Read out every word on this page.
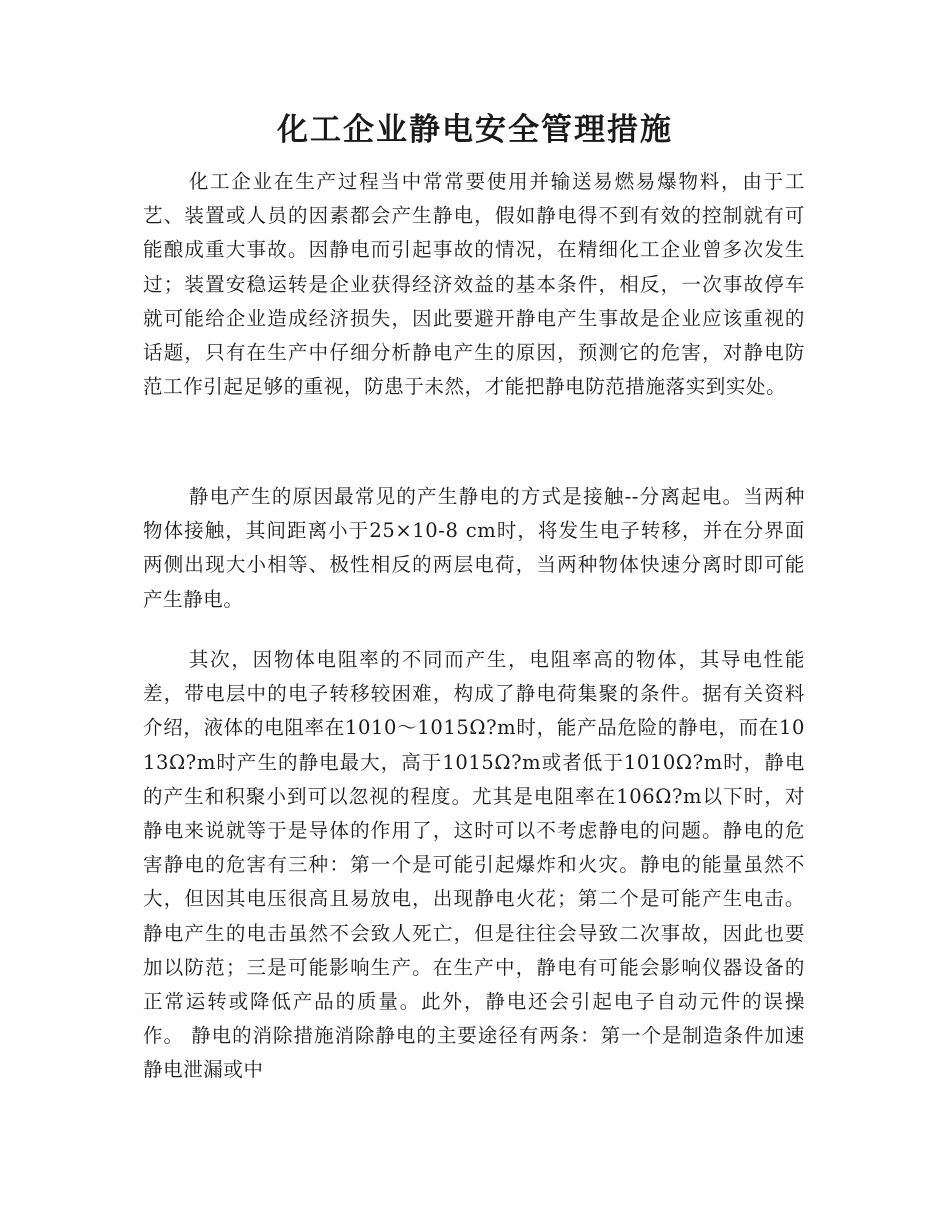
化工企业静电安全管理措施

化工企业在生产过程当中常常要使用并输送易燃易爆物料，由于工艺、装置或人员的因素都会产生静电，假如静电得不到有效的控制就有可能酿成重大事故。因静电而引起事故的情况，在精细化工企业曾多次发生过；装置安稳运转是企业获得经济效益的基本条件，相反，一次事故停车就可能给企业造成经济损失，因此要避开静电产生事故是企业应该重视的话题，只有在生产中仔细分析静电产生的原因，预测它的危害，对静电防范工作引起足够的重视，防患于未然，才能把静电防范措施落实到实处。

静电产生的原因最常见的产生静电的方式是接触--分离起电。当两种物体接触，其间距离小于25×10-8 cm时，将发生电子转移，并在分界面两侧出现大小相等、极性相反的两层电荷，当两种物体快速分离时即可能产生静电。

其次，因物体电阻率的不同而产生，电阻率高的物体，其导电性能差，带电层中的电子转移较困难，构成了静电荷集聚的条件。据有关资料介绍，液体的电阻率在1010～1015Ω?m时，能产品危险的静电，而在1013Ω?m时产生的静电最大，高于1015Ω?m或者低于1010Ω?m时，静电的产生和积聚小到可以忽视的程度。尤其是电阻率在106Ω?m以下时，对静电来说就等于是导体的作用了，这时可以不考虑静电的问题。静电的危害静电的危害有三种：第一个是可能引起爆炸和火灾。静电的能量虽然不大，但因其电压很高且易放电，出现静电火花；第二个是可能产生电击。静电产生的电击虽然不会致人死亡，但是往往会导致二次事故，因此也要加以防范；三是可能影响生产。在生产中，静电有可能会影响仪器设备的正常运转或降低产品的质量。此外，静电还会引起电子自动元件的误操作。 静电的消除措施消除静电的主要途径有两条：第一个是制造条件加速静电泄漏或中
